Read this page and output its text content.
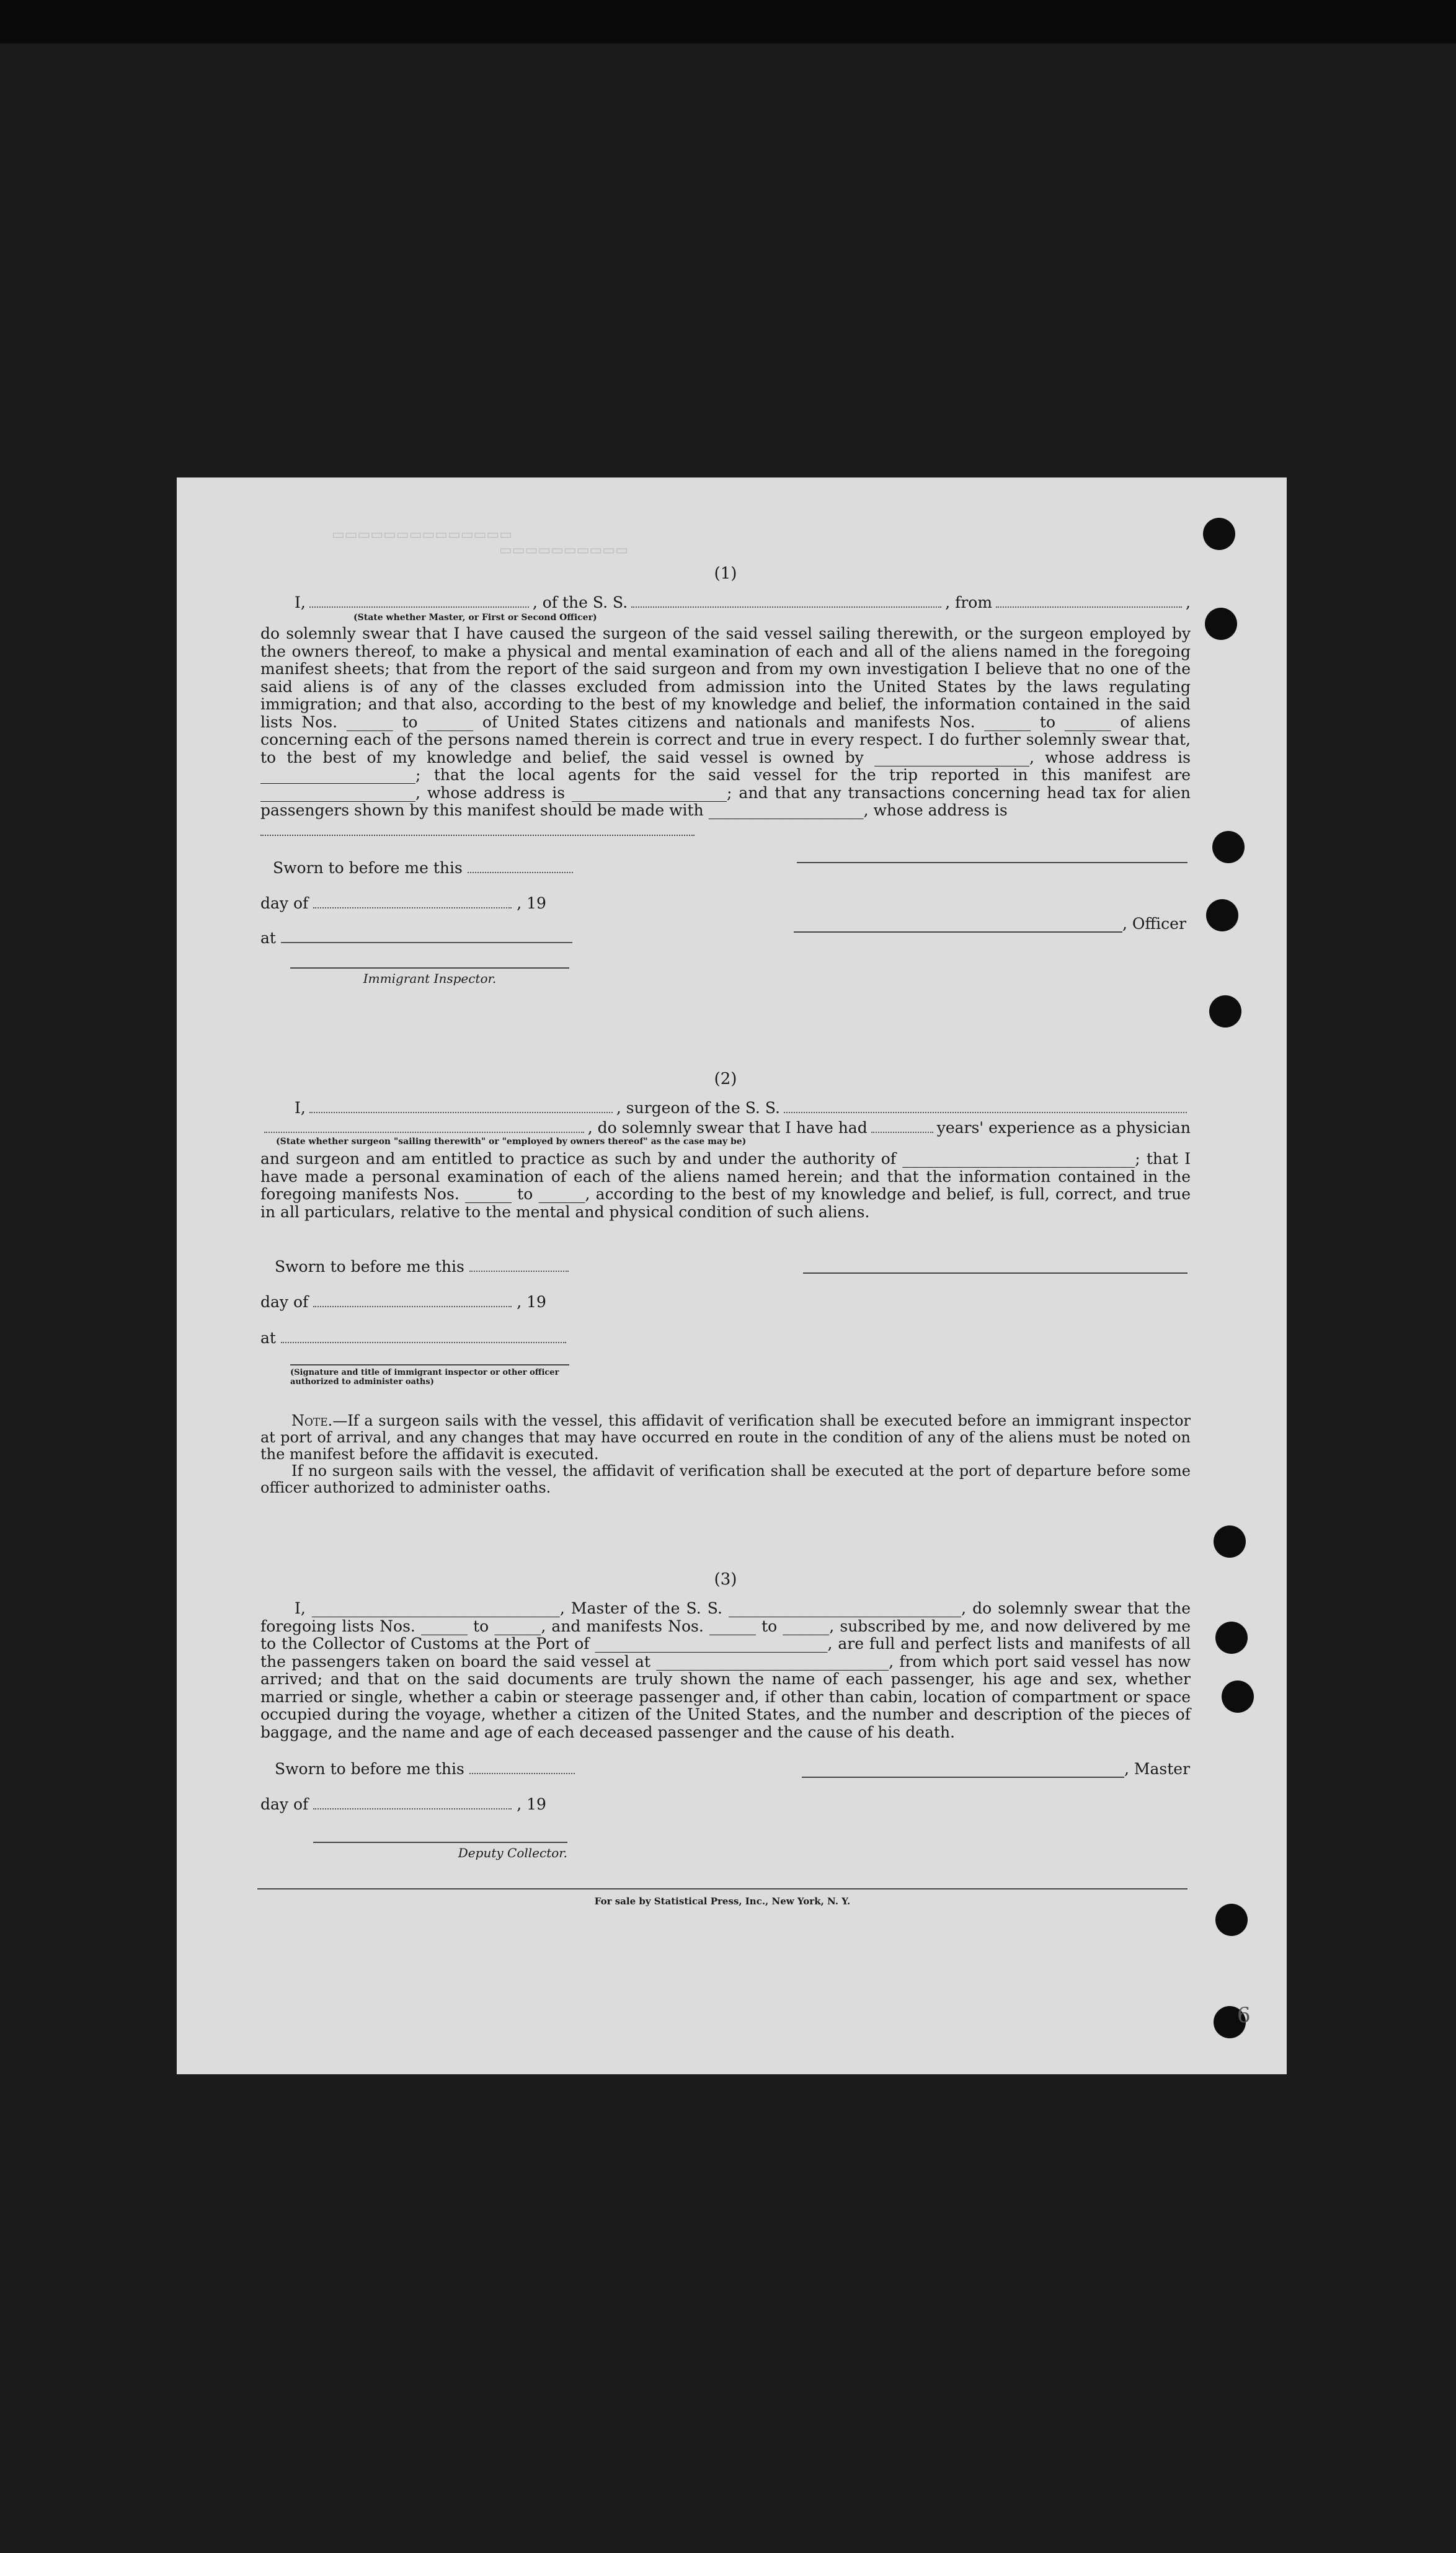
6
▭▭▭▭▭▭▭▭▭▭▭▭▭▭
▭▭▭▭▭▭▭▭▭▭
(1)
I,	, of the S. S.	, from	,
(State whether Master, or First or Second Officer)
do solemnly swear that I have caused the surgeon of the said vessel sailing therewith, or the surgeon employed by the owners thereof, to make a physical and mental examination of each and all of the aliens named in the foregoing manifest sheets; that from the report of the said surgeon and from my own investigation I believe that no one of the said aliens is of any of the classes excluded from admission into the United States by the laws regulating immigration; and that also, according to the best of my knowledge and belief, the information contained in the said lists Nos. ______ to ______ of United States citizens and nationals and manifests Nos. ______ to ______ of aliens concerning each of the persons named therein is correct and true in every respect. I do further solemnly swear that, to the best of my knowledge and belief, the said vessel is owned by ____________________, whose address is ____________________; that the local agents for the said vessel for the trip reported in this manifest are ____________________, whose address is ____________________; and that any transactions concerning head tax for alien passengers shown by this manifest should be made with ____________________, whose address is
Sworn to before me this
day of	, 19
at
Immigrant Inspector.
, Officer
(2)
I,	, surgeon of the S. S.
, do solemnly swear that I have had	years' experience as a physician
(State whether surgeon "sailing therewith" or "employed by owners thereof" as the case may be)
and surgeon and am entitled to practice as such by and under the authority of ______________________________; that I have made a personal examination of each of the aliens named herein; and that the information contained in the foregoing manifests Nos. ______ to ______, according to the best of my knowledge and belief, is full, correct, and true in all particulars, relative to the mental and physical condition of such aliens.
Sworn to before me this
day of	, 19
at
(Signature and title of immigrant inspector or other officer authorized to administer oaths)
Note.—If a surgeon sails with the vessel, this affidavit of verification shall be executed before an immigrant inspector at port of arrival, and any changes that may have occurred en route in the condition of any of the aliens must be noted on the manifest before the affidavit is executed.
If no surgeon sails with the vessel, the affidavit of verification shall be executed at the port of departure before some officer authorized to administer oaths.
(3)
I, ________________________________, Master of the S. S. ______________________________, do solemnly swear that the foregoing lists Nos. ______ to ______, and manifests Nos. ______ to ______, subscribed by me, and now delivered by me to the Collector of Customs at the Port of ______________________________, are full and perfect lists and manifests of all the passengers taken on board the said vessel at ______________________________, from which port said vessel has now arrived; and that on the said documents are truly shown the name of each passenger, his age and sex, whether married or single, whether a cabin or steerage passenger and, if other than cabin, location of compartment or space occupied during the voyage, whether a citizen of the United States, and the number and description of the pieces of baggage, and the name and age of each deceased passenger and the cause of his death.
Sworn to before me this	, Master
day of	, 19
Deputy Collector.
For sale by Statistical Press, Inc., New York, N. Y.
